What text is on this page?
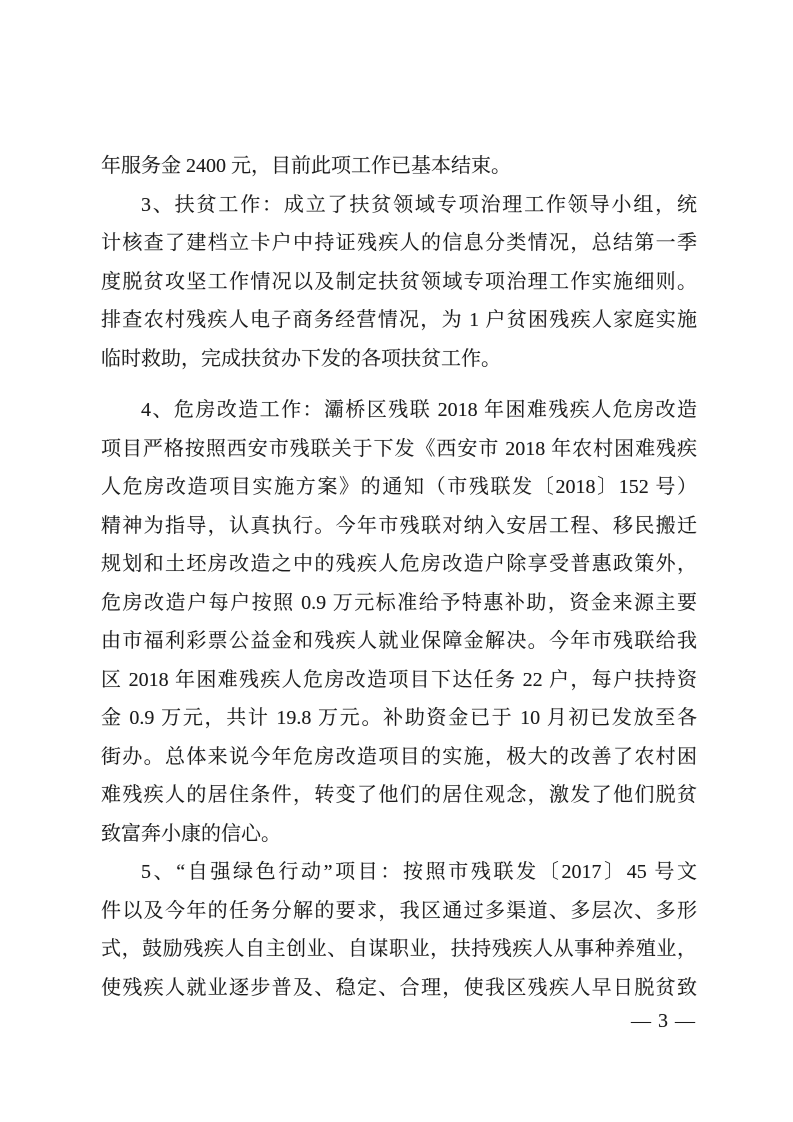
年服务金 2400 元，目前此项工作已基本结束。
3、扶贫工作：成立了扶贫领域专项治理工作领导小组，统
计核查了建档立卡户中持证残疾人的信息分类情况，总结第一季
度脱贫攻坚工作情况以及制定扶贫领域专项治理工作实施细则。
排查农村残疾人电子商务经营情况，为 1 户贫困残疾人家庭实施
临时救助，完成扶贫办下发的各项扶贫工作。
4、危房改造工作：灞桥区残联 2018 年困难残疾人危房改造
项目严格按照西安市残联关于下发《西安市 2018 年农村困难残疾
人危房改造项目实施方案》的通知（市残联发〔2018〕152 号）
精神为指导，认真执行。今年市残联对纳入安居工程、移民搬迁
规划和土坯房改造之中的残疾人危房改造户除享受普惠政策外，
危房改造户每户按照 0.9 万元标准给予特惠补助，资金来源主要
由市福利彩票公益金和残疾人就业保障金解决。今年市残联给我
区 2018 年困难残疾人危房改造项目下达任务 22 户，每户扶持资
金 0.9 万元，共计 19.8 万元。补助资金已于 10 月初已发放至各
街办。总体来说今年危房改造项目的实施，极大的改善了农村困
难残疾人的居住条件，转变了他们的居住观念，激发了他们脱贫
致富奔小康的信心。
5、“自强绿色行动”项目：按照市残联发〔2017〕45 号文
件以及今年的任务分解的要求，我区通过多渠道、多层次、多形
式，鼓励残疾人自主创业、自谋职业，扶持残疾人从事种养殖业，
使残疾人就业逐步普及、稳定、合理，使我区残疾人早日脱贫致
— 3 —
